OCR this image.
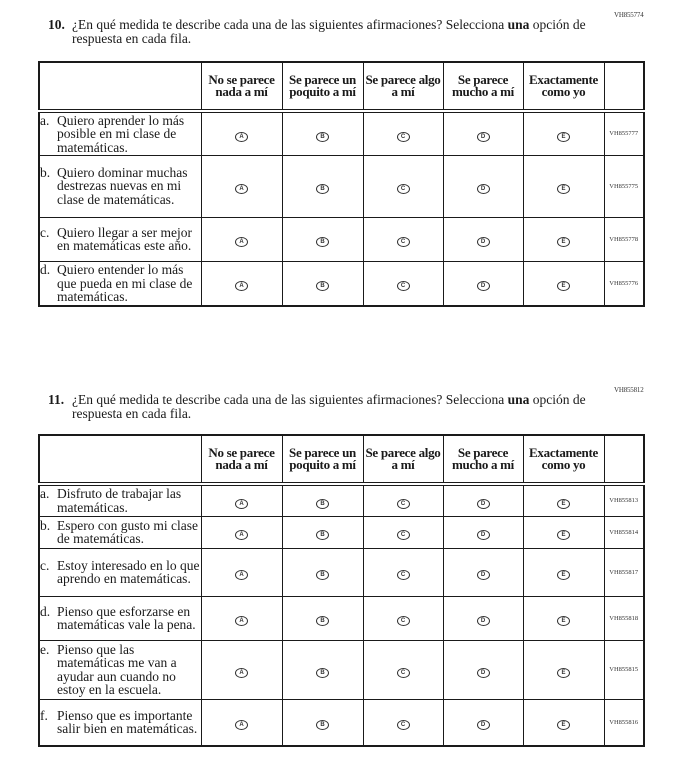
VH855774
10. ¿En qué medida te describe cada una de las siguientes afirmaciones? Selecciona una opción de respuesta en cada fila.
	No se parece nada a mí	Se parece un poquito a mí	Se parece algo a mí	Se parece mucho a mí	Exactamente como yo	

a. Quiero aprender lo más posible en mi clase de matemáticas.	A	B	C	D	E	VH855777

b. Quiero dominar muchas destrezas nuevas en mi clase de matemáticas.	A	B	C	D	E	VH855775

c. Quiero llegar a ser mejor en matemáticas este año.	A	B	C	D	E	VH855778

d. Quiero entender lo más que pueda en mi clase de matemáticas.	A	B	C	D	E	VH855776
VH855812
11. ¿En qué medida te describe cada una de las siguientes afirmaciones? Selecciona una opción de respuesta en cada fila.
	No se parece nada a mí	Se parece un poquito a mí	Se parece algo a mí	Se parece mucho a mí	Exactamente como yo	

a. Disfruto de trabajar las matemáticas.	A	B	C	D	E	VH855813

b. Espero con gusto mi clase de matemáticas.	A	B	C	D	E	VH855814

c. Estoy interesado en lo que aprendo en matemáticas.	A	B	C	D	E	VH855817

d. Pienso que esforzarse en matemáticas vale la pena.	A	B	C	D	E	VH855818

e. Pienso que las matemáticas me van a ayudar aun cuando no estoy en la escuela.	A	B	C	D	E	VH855815

f. Pienso que es importante salir bien en matemáticas.	A	B	C	D	E	VH855816
